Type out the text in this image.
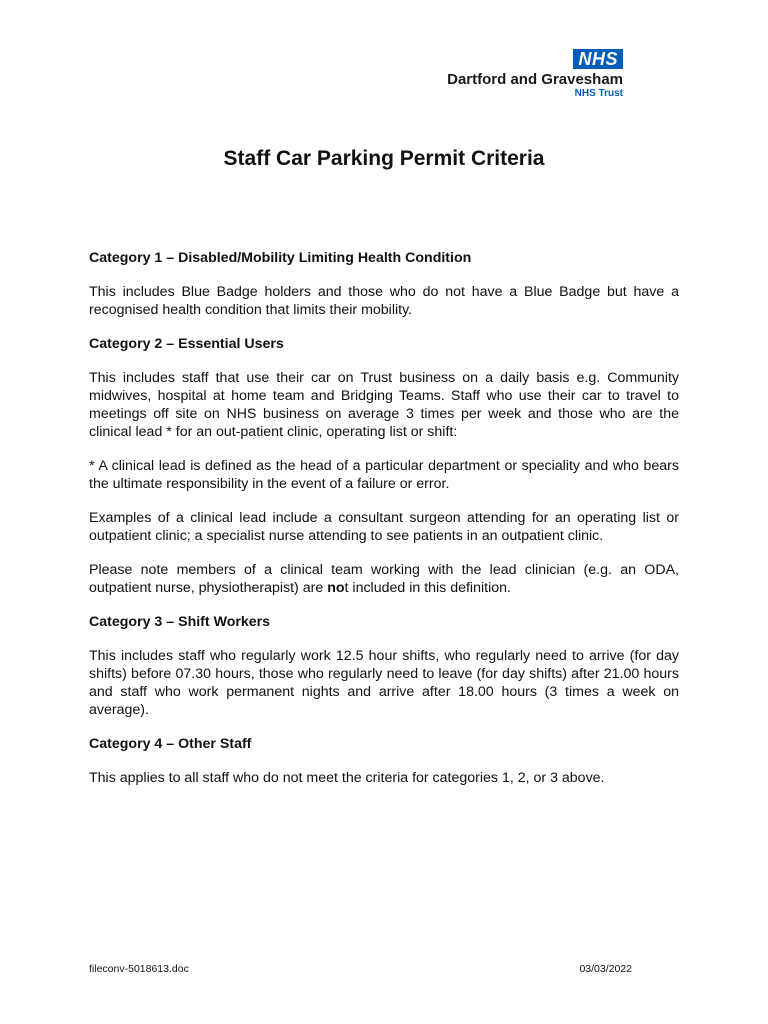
NHS
Dartford and Gravesham
NHS Trust
Staff Car Parking Permit Criteria
Category 1 – Disabled/Mobility Limiting Health Condition

This includes Blue Badge holders and those who do not have a Blue Badge but have a recognised health condition that limits their mobility.

Category 2 – Essential Users

This includes staff that use their car on Trust business on a daily basis e.g. Community midwives, hospital at home team and Bridging Teams. Staff who use their car to travel to meetings off site on NHS business on average 3 times per week and those who are the clinical lead * for an out-patient clinic, operating list or shift:

* A clinical lead is defined as the head of a particular department or speciality and who bears the ultimate responsibility in the event of a failure or error.

Examples of a clinical lead include a consultant surgeon attending for an operating list or outpatient clinic; a specialist nurse attending to see patients in an outpatient clinic.

Please note members of a clinical team working with the lead clinician (e.g. an ODA, outpatient nurse, physiotherapist) are not included in this definition.

Category 3 – Shift Workers

This includes staff who regularly work 12.5 hour shifts, who regularly need to arrive (for day shifts) before 07.30 hours, those who regularly need to leave (for day shifts) after 21.00 hours and staff who work permanent nights and arrive after 18.00 hours (3 times a week on average).

Category 4 – Other Staff

This applies to all staff who do not meet the criteria for categories 1, 2, or 3 above.

fileconv-5018613.doc	03/03/2022
